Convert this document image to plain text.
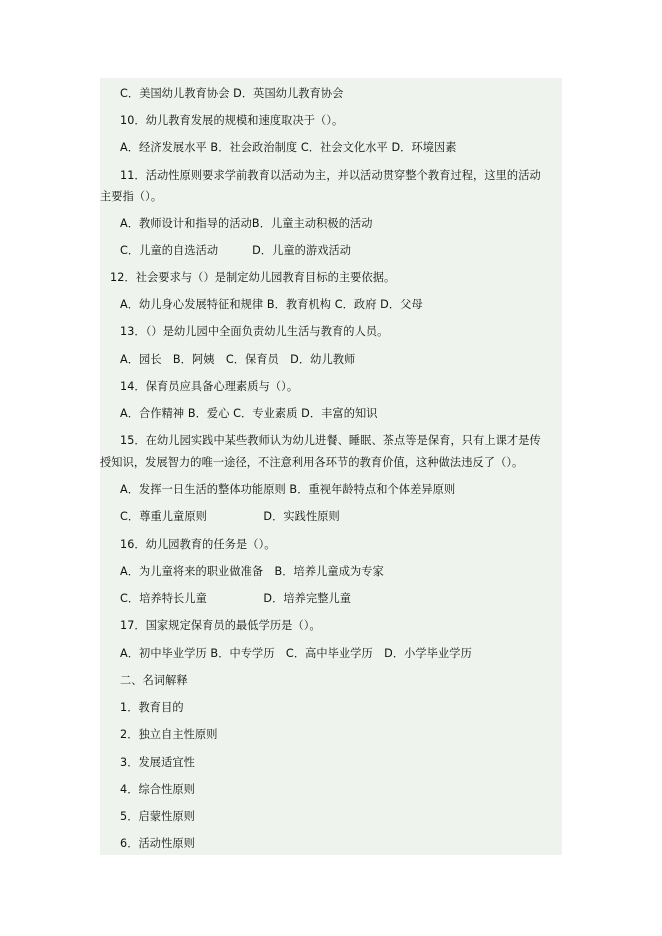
C．美国幼儿教育协会 D．英国幼儿教育协会
10．幼儿教育发展的规模和速度取决于（）。
A．经济发展水平 B．社会政治制度 C．社会文化水平 D．环境因素
11．活动性原则要求学前教育以活动为主，并以活动贯穿整个教育过程，这里的活动
主要指（）。
A．教师设计和指导的活动B．儿童主动积极的活动
C．儿童的自选活动　　　D．儿童的游戏活动
12．社会要求与（）是制定幼儿园教育目标的主要依据。
A．幼儿身心发展特征和规律 B．教育机构 C．政府 D．父母
13．（）是幼儿园中全面负责幼儿生活与教育的人员。
A．园长　B．阿姨　C．保育员　D．幼儿教师
14．保育员应具备心理素质与（）。
A．合作精神 B．爱心 C．专业素质 D．丰富的知识
15．在幼儿园实践中某些教师认为幼儿进餐、睡眠、茶点等是保育，只有上课才是传
授知识，发展智力的唯一途径，不注意利用各环节的教育价值，这种做法违反了（）。
A．发挥一日生活的整体功能原则 B．重视年龄特点和个体差异原则
C．尊重儿童原则　　　　　D．实践性原则
16．幼儿园教育的任务是（）。
A．为儿童将来的职业做准备　B．培养儿童成为专家
C．培养特长儿童　　　　　D．培养完整儿童
17．国家规定保育员的最低学历是（）。
A．初中毕业学历 B．中专学历　C．高中毕业学历　D．小学毕业学历
二、名词解释
1．教育目的
2．独立自主性原则
3．发展适宜性
4．综合性原则
5．启蒙性原则
6．活动性原则
